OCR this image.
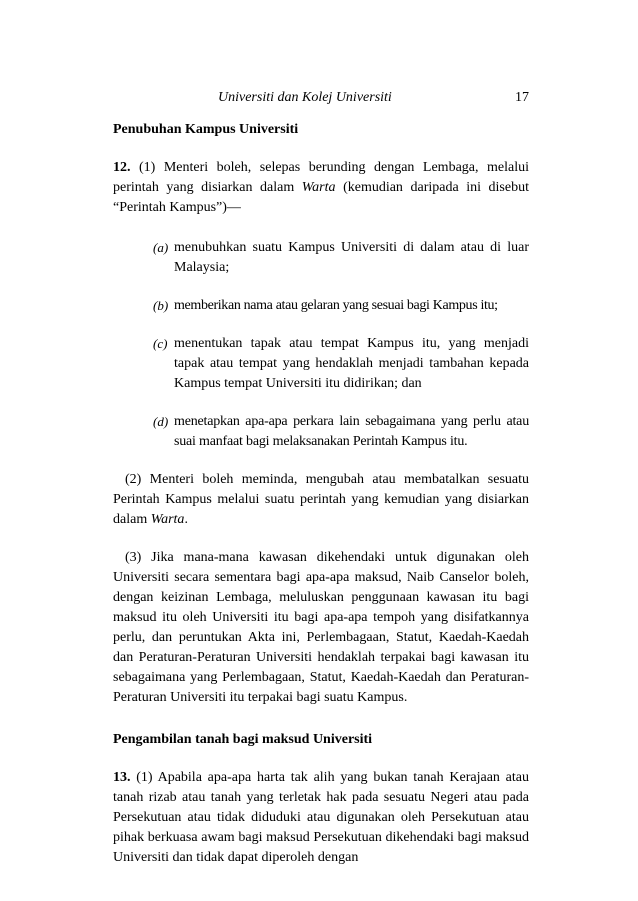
Universiti dan Kolej Universiti	17
Penubuhan Kampus Universiti

12. (1) Menteri boleh, selepas berunding dengan Lembaga, melalui perintah yang disiarkan dalam Warta (kemudian daripada ini disebut “Perintah Kampus”)—

(a) menubuhkan suatu Kampus Universiti di dalam atau di luar Malaysia;
(b) memberikan nama atau gelaran yang sesuai bagi Kampus itu;
(c) menentukan tapak atau tempat Kampus itu, yang menjadi tapak atau tempat yang hendaklah menjadi tambahan kepada Kampus tempat Universiti itu didirikan; dan
(d) menetapkan apa-apa perkara lain sebagaimana yang perlu atau suai manfaat bagi melaksanakan Perintah Kampus itu.

(2) Menteri boleh meminda, mengubah atau membatalkan sesuatu Perintah Kampus melalui suatu perintah yang kemudian yang disiarkan dalam Warta.

(3) Jika mana-mana kawasan dikehendaki untuk digunakan oleh Universiti secara sementara bagi apa-apa maksud, Naib Canselor boleh, dengan keizinan Lembaga, meluluskan penggunaan kawasan itu bagi maksud itu oleh Universiti itu bagi apa-apa tempoh yang disifatkannya perlu, dan peruntukan Akta ini, Perlembagaan, Statut, Kaedah-Kaedah dan Peraturan-Peraturan Universiti hendaklah terpakai bagi kawasan itu sebagaimana yang Perlembagaan, Statut, Kaedah-Kaedah dan Peraturan-Peraturan Universiti itu terpakai bagi suatu Kampus.

Pengambilan tanah bagi maksud Universiti

13. (1) Apabila apa-apa harta tak alih yang bukan tanah Kerajaan atau tanah rizab atau tanah yang terletak hak pada sesuatu Negeri atau pada Persekutuan atau tidak diduduki atau digunakan oleh Persekutuan atau pihak berkuasa awam bagi maksud Persekutuan dikehendaki bagi maksud Universiti dan tidak dapat diperoleh dengan
